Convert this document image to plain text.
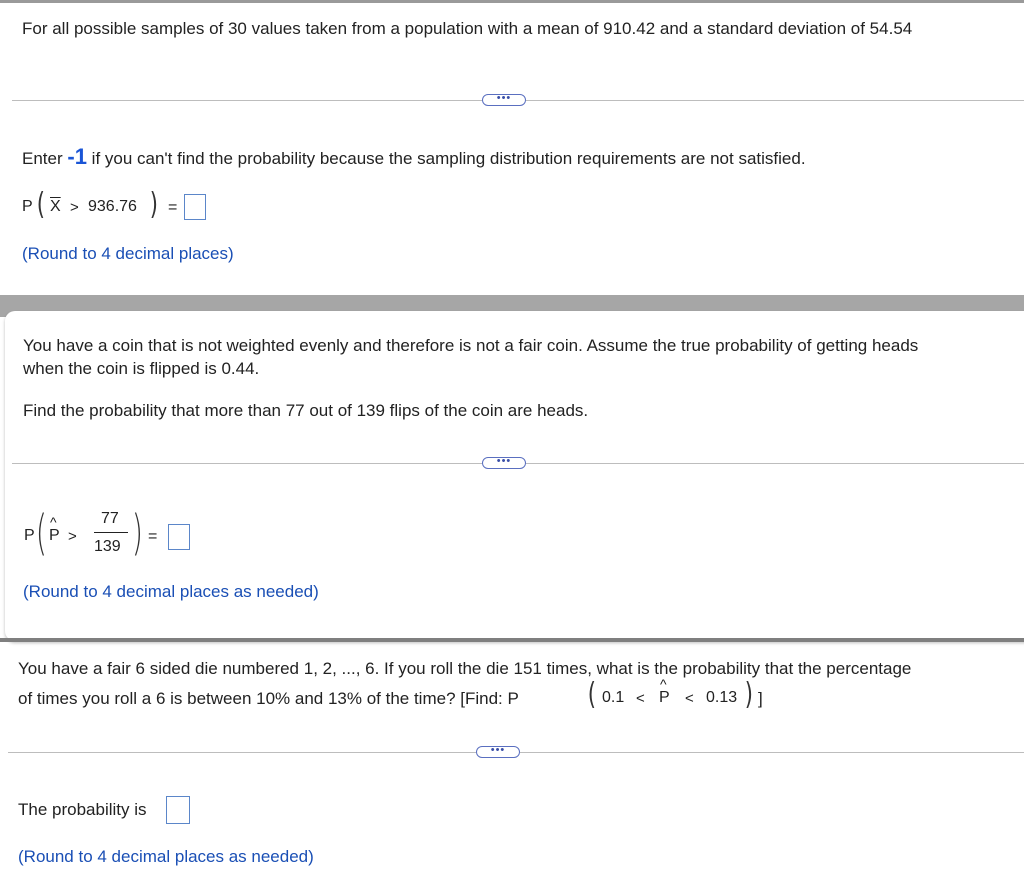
For all possible samples of 30 values taken from a population with a mean of 910.42 and a standard deviation of 54.54
•••
Enter -1 if you can't find the probability because the sampling distribution requirements are not satisfied.
P ( $\overline{X} > 936.76$ ) =
(Round to 4 decimal places)
You have a coin that is not weighted evenly and therefore is not a fair coin. Assume the true probability of getting heads
when the coin is flipped is 0.44.
Find the probability that more than 77 out of 139 flips of the coin are heads.
•••
P ( ^
P >
77
139 ) =
(Round to 4 decimal places as needed)
You have a fair 6 sided die numbered 1, 2, ..., 6. If you roll the die 151 times, what is the probability that the percentage
of times you roll a 6 is between 10% and 13% of the time? [Find: P ( 0.1 <
^
P < 0.13 ) ]
•••
The probability is
(Round to 4 decimal places as needed)
